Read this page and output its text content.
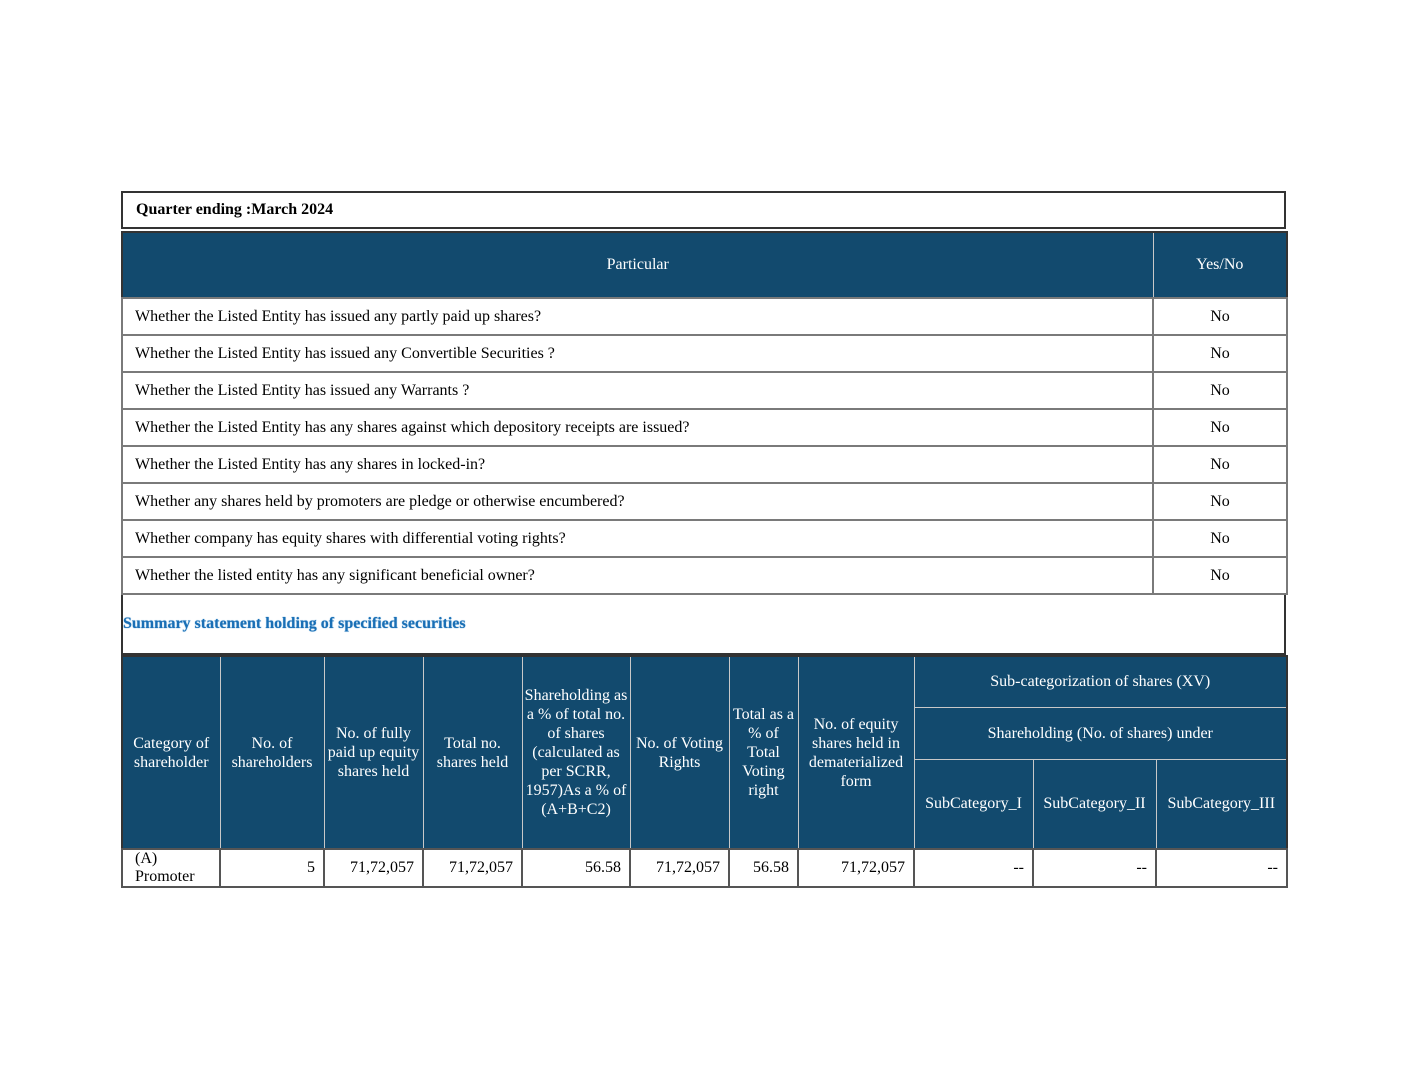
Quarter ending :March 2024
Particular	Yes/No
Whether the Listed Entity has issued any partly paid up shares?	No
Whether the Listed Entity has issued any Convertible Securities ?	No
Whether the Listed Entity has issued any Warrants ?	No
Whether the Listed Entity has any shares against which depository receipts are issued?	No
Whether the Listed Entity has any shares in locked-in?	No
Whether any shares held by promoters are pledge or otherwise encumbered?	No
Whether company has equity shares with differential voting rights?	No
Whether the listed entity has any significant beneficial owner?	No
Summary statement holding of specified securities
Category of shareholder	No. of shareholders	No. of fully paid up equity shares held	Total no. shares held	Shareholding as a % of total no. of shares (calculated as per SCRR, 1957)As a % of (A+B+C2)	No. of Voting Rights	Total as a % of Total Voting right	No. of equity shares held in dematerialized form	Sub-categorization of shares (XV)		
								Shareholding (No. of shares) under		
								SubCategory_I	SubCategory_II	SubCategory_III
(A) Promoter	5	71,72,057	71,72,057	56.58	71,72,057	56.58	71,72,057	--	--	--
